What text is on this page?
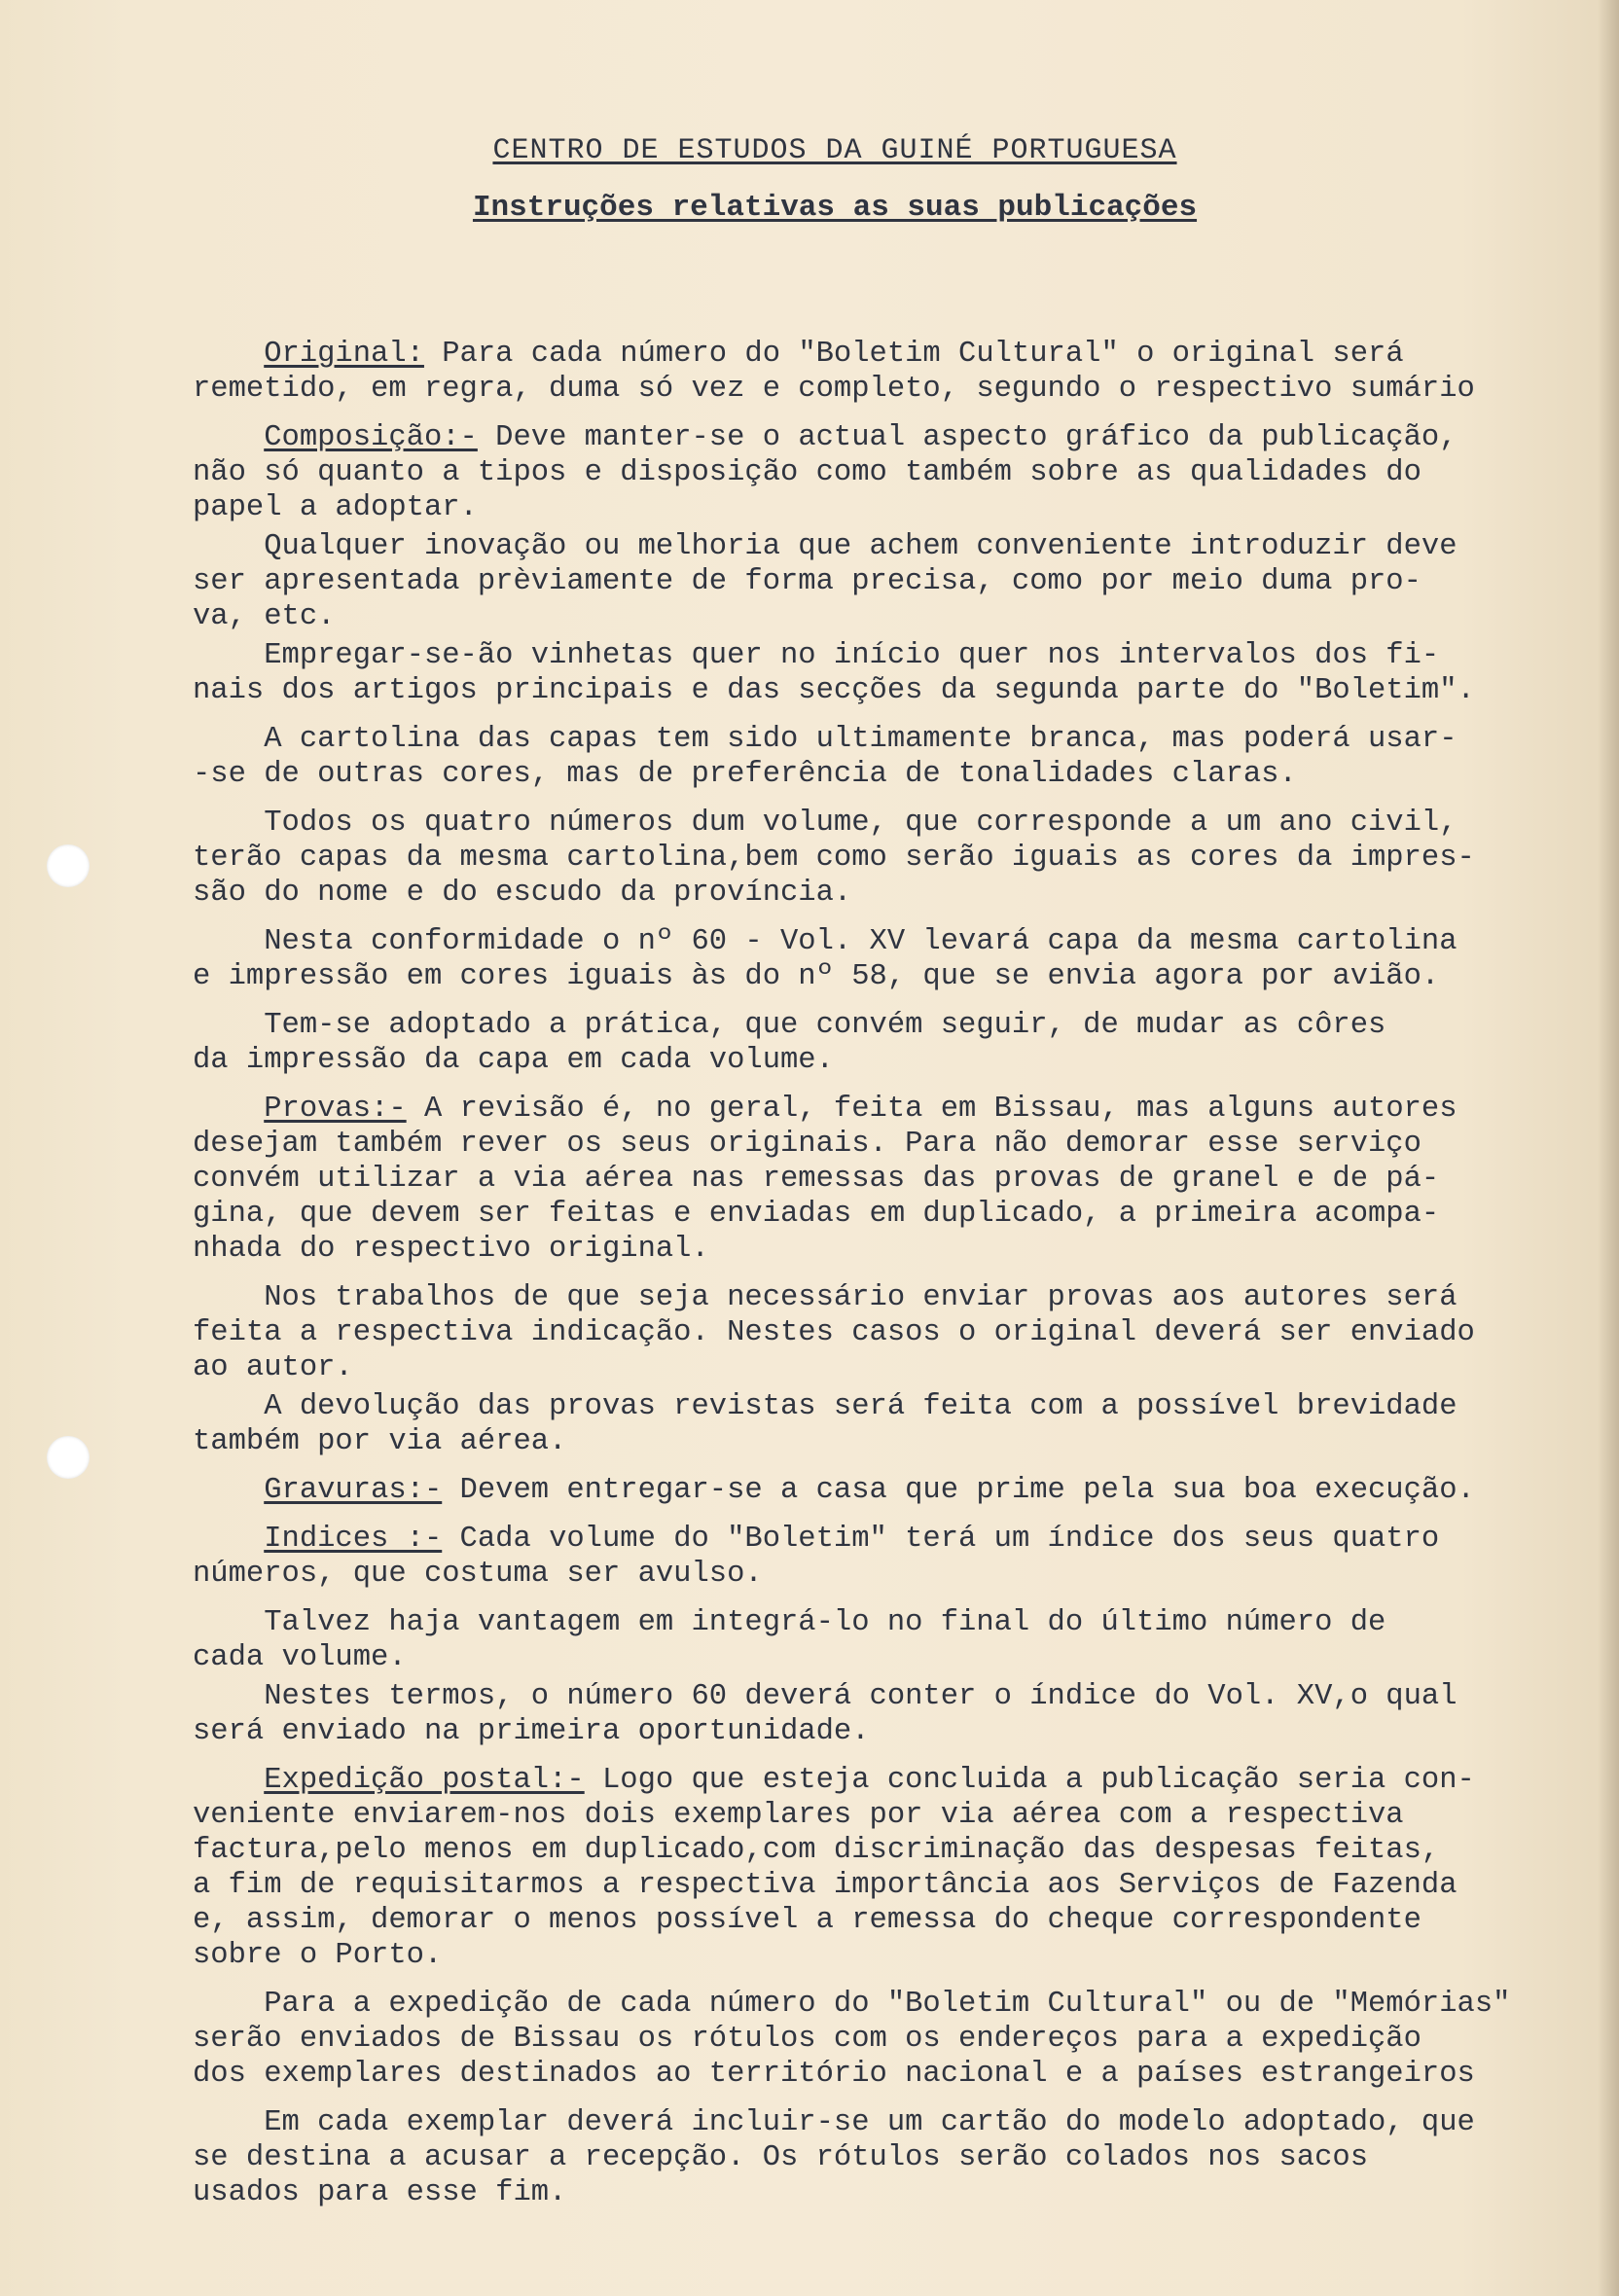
CENTRO DE ESTUDOS DA GUINÉ PORTUGUESA
Instruções relativas as suas publicações
Original: Para cada número do "Boletim Cultural" o original será
remetido, em regra, duma só vez e completo, segundo o respectivo sumário
Composição:- Deve manter-se o actual aspecto gráfico da publicação,
não só quanto a tipos e disposição como também sobre as qualidades do
papel a adoptar.
Qualquer inovação ou melhoria que achem conveniente introduzir deve
ser apresentada prèviamente de forma precisa, como por meio duma pro-
va, etc.
Empregar-se-ão vinhetas quer no início quer nos intervalos dos fi-
nais dos artigos principais e das secções da segunda parte do "Boletim".
A cartolina das capas tem sido ultimamente branca, mas poderá usar-
-se de outras cores, mas de preferência de tonalidades claras.
Todos os quatro números dum volume, que corresponde a um ano civil,
terão capas da mesma cartolina,bem como serão iguais as cores da impres-
são do nome e do escudo da província.
Nesta conformidade o nº 60 - Vol. XV levará capa da mesma cartolina
e impressão em cores iguais às do nº 58, que se envia agora por avião.
Tem-se adoptado a prática, que convém seguir, de mudar as côres
da impressão da capa em cada volume.
Provas:- A revisão é, no geral, feita em Bissau, mas alguns autores
desejam também rever os seus originais. Para não demorar esse serviço
convém utilizar a via aérea nas remessas das provas de granel e de pá-
gina, que devem ser feitas e enviadas em duplicado, a primeira acompa-
nhada do respectivo original.
Nos trabalhos de que seja necessário enviar provas aos autores será
feita a respectiva indicação. Nestes casos o original deverá ser enviado
ao autor.
A devolução das provas revistas será feita com a possível brevidade
também por via aérea.
Gravuras:- Devem entregar-se a casa que prime pela sua boa execução.
Indices :- Cada volume do "Boletim" terá um índice dos seus quatro
números, que costuma ser avulso.
Talvez haja vantagem em integrá-lo no final do último número de
cada volume.
Nestes termos, o número 60 deverá conter o índice do Vol. XV,o qual
será enviado na primeira oportunidade.
Expedição postal:- Logo que esteja concluida a publicação seria con-
veniente enviarem-nos dois exemplares por via aérea com a respectiva
factura,pelo menos em duplicado,com discriminação das despesas feitas,
a fim de requisitarmos a respectiva importância aos Serviços de Fazenda
e, assim, demorar o menos possível a remessa do cheque correspondente
sobre o Porto.
Para a expedição de cada número do "Boletim Cultural" ou de "Memórias"
serão enviados de Bissau os rótulos com os endereços para a expedição
dos exemplares destinados ao território nacional e a países estrangeiros
Em cada exemplar deverá incluir-se um cartão do modelo adoptado, que
se destina a acusar a recepção. Os rótulos serão colados nos sacos
usados para esse fim.
